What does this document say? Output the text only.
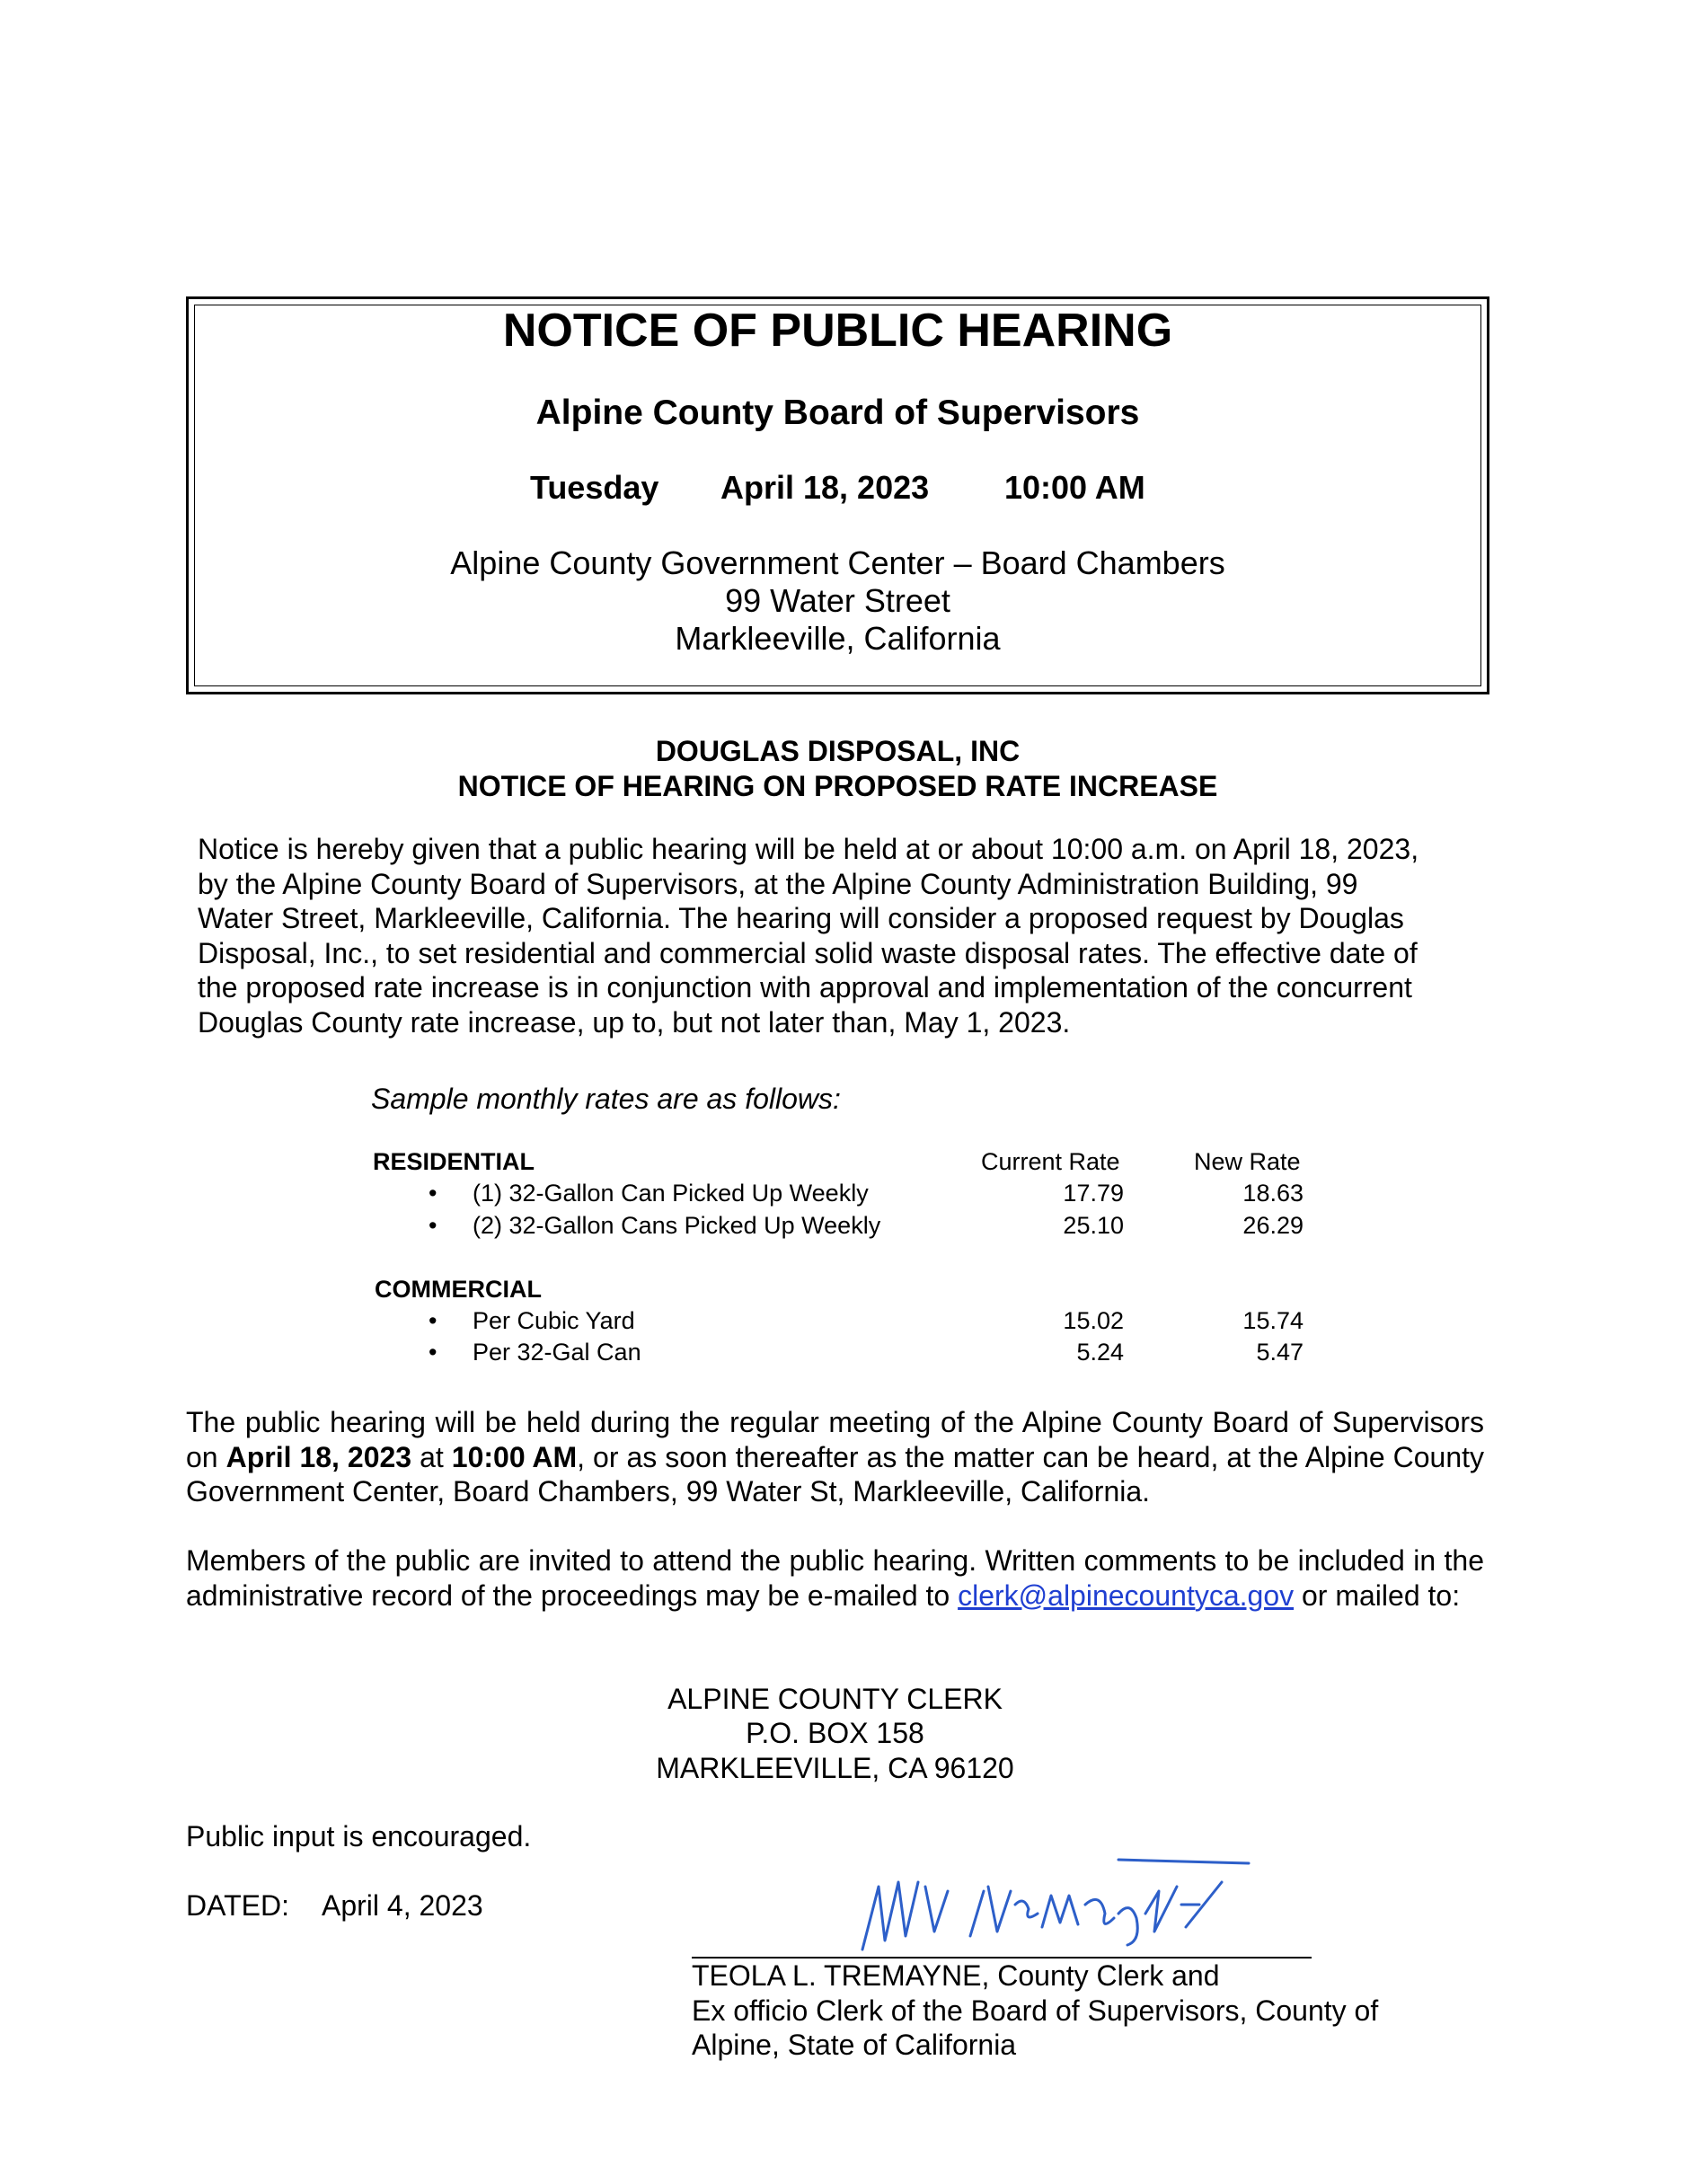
NOTICE OF PUBLIC HEARING
Alpine County Board of Supervisors
Tuesday April 18, 2023 10:00 AM
Alpine County Government Center – Board Chambers
99 Water Street
Markleeville, California
DOUGLAS DISPOSAL, INC
NOTICE OF HEARING ON PROPOSED RATE INCREASE
Notice is hereby given that a public hearing will be held at or about 10:00 a.m. on April 18, 2023,
by the Alpine County Board of Supervisors, at the Alpine County Administration Building, 99
Water Street, Markleeville, California. The hearing will consider a proposed request by Douglas
Disposal, Inc., to set residential and commercial solid waste disposal rates. The effective date of
the proposed rate increase is in conjunction with approval and implementation of the concurrent
Douglas County rate increase, up to, but not later than, May 1, 2023.
Sample monthly rates are as follows:
RESIDENTIAL	Current Rate	New Rate
• (1) 32-Gallon Can Picked Up Weekly	17.79	18.63
• (2) 32-Gallon Cans Picked Up Weekly	25.10	26.29
COMMERCIAL
• Per Cubic Yard	15.02	15.74
• Per 32-Gal Can	5.24	5.47
The public hearing will be held during the regular meeting of the Alpine County Board of Supervisors on April 18, 2023 at 10:00 AM, or as soon thereafter as the matter can be heard, at the Alpine County Government Center, Board Chambers, 99 Water St, Markleeville, California.
Members of the public are invited to attend the public hearing. Written comments to be included in the administrative record of the proceedings may be e-mailed to clerk@alpinecountyca.gov or mailed to:
ALPINE COUNTY CLERK
P.O. BOX 158
MARKLEEVILLE, CA 96120
Public input is encouraged.
DATED: April 4, 2023
TEOLA L. TREMAYNE, County Clerk and
Ex officio Clerk of the Board of Supervisors, County of
Alpine, State of California
